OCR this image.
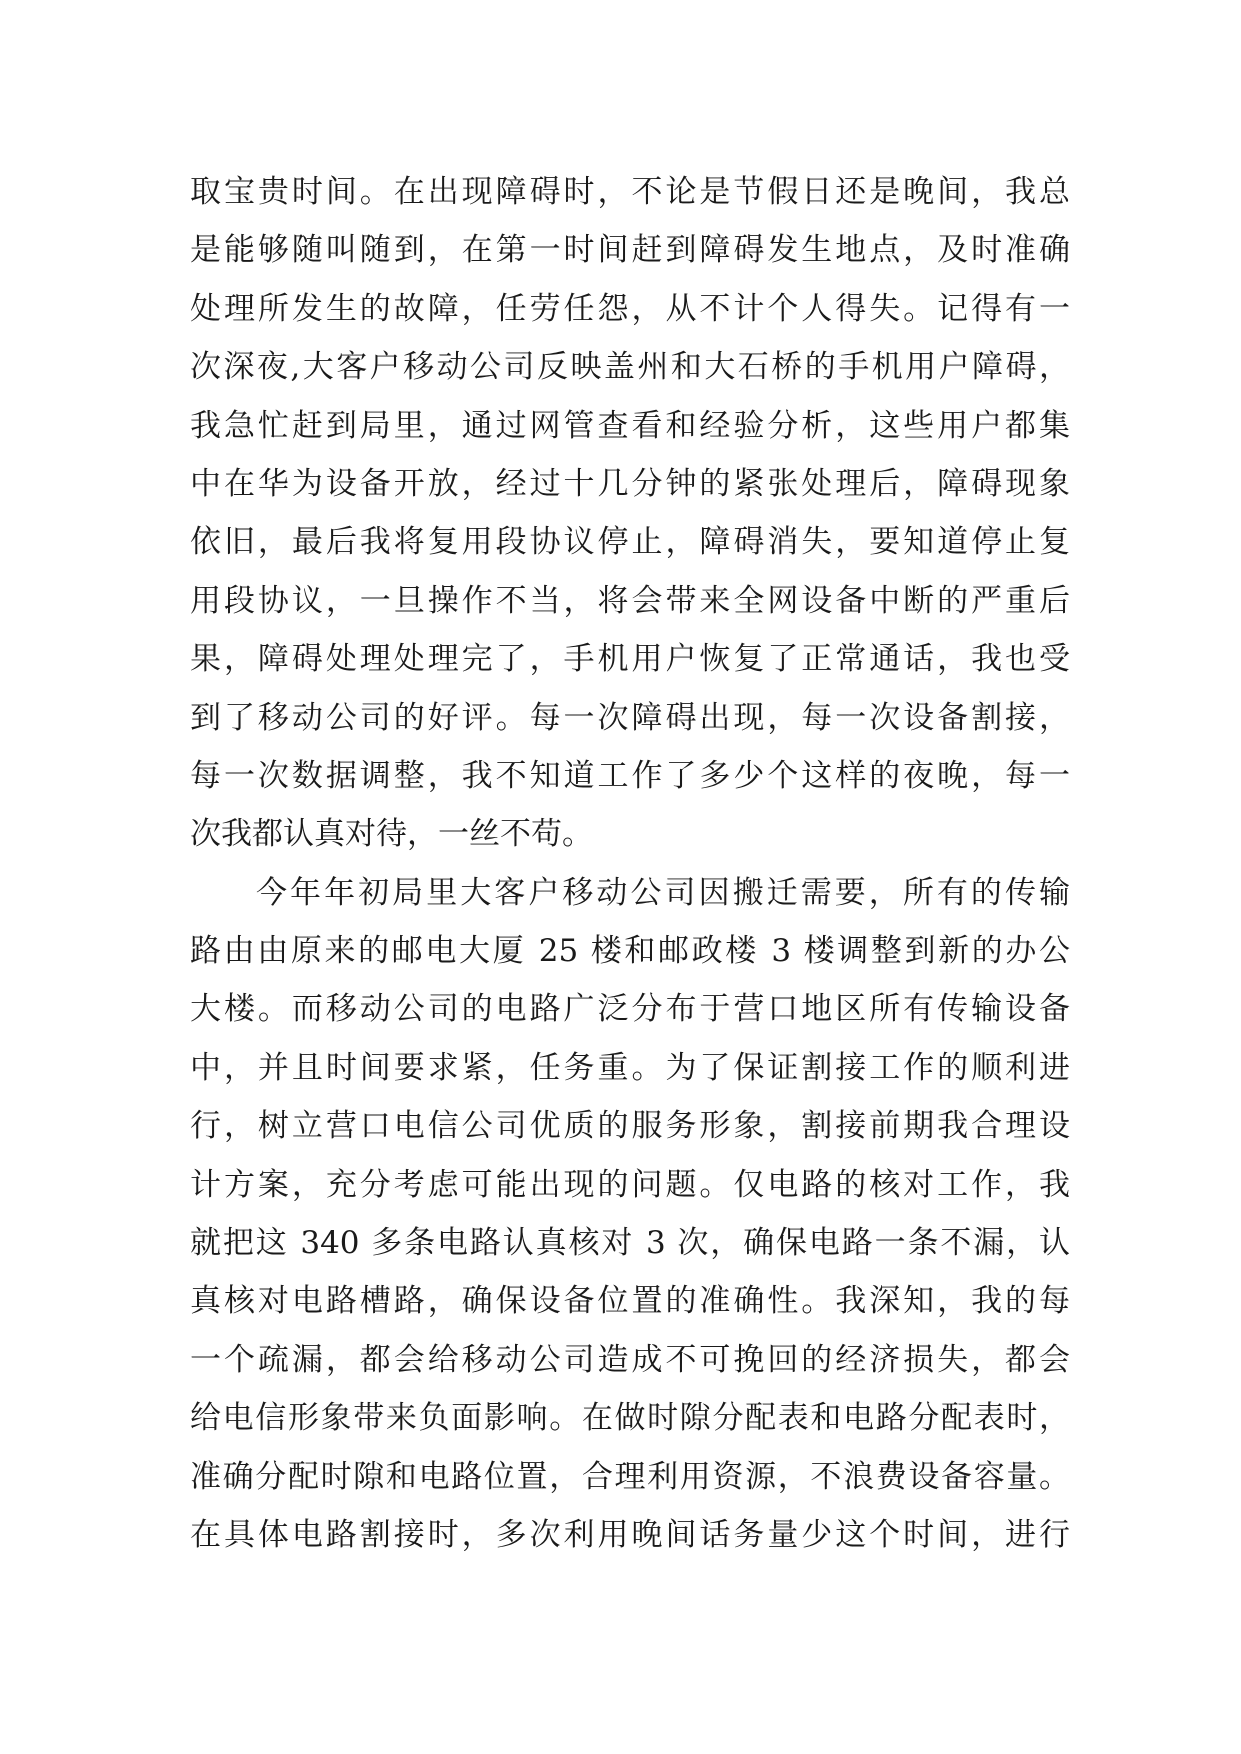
取宝贵时间。在出现障碍时，不论是节假日还是晚间，我总
是能够随叫随到，在第一时间赶到障碍发生地点，及时准确
处理所发生的故障，任劳任怨，从不计个人得失。记得有一
次深夜,大客户移动公司反映盖州和大石桥的手机用户障碍，
我急忙赶到局里，通过网管查看和经验分析，这些用户都集
中在华为设备开放，经过十几分钟的紧张处理后，障碍现象
依旧，最后我将复用段协议停止，障碍消失，要知道停止复
用段协议，一旦操作不当，将会带来全网设备中断的严重后
果，障碍处理处理完了，手机用户恢复了正常通话，我也受
到了移动公司的好评。每一次障碍出现，每一次设备割接，
每一次数据调整，我不知道工作了多少个这样的夜晚，每一
次我都认真对待，一丝不苟。
今年年初局里大客户移动公司因搬迁需要，所有的传输
路由由原来的邮电大厦 25 楼和邮政楼 3 楼调整到新的办公
大楼。而移动公司的电路广泛分布于营口地区所有传输设备
中，并且时间要求紧，任务重。为了保证割接工作的顺利进
行，树立营口电信公司优质的服务形象，割接前期我合理设
计方案，充分考虑可能出现的问题。仅电路的核对工作，我
就把这 340 多条电路认真核对 3 次，确保电路一条不漏，认
真核对电路槽路，确保设备位置的准确性。我深知，我的每
一个疏漏，都会给移动公司造成不可挽回的经济损失，都会
给电信形象带来负面影响。在做时隙分配表和电路分配表时，
准确分配时隙和电路位置，合理利用资源，不浪费设备容量。
在具体电路割接时，多次利用晚间话务量少这个时间，进行
